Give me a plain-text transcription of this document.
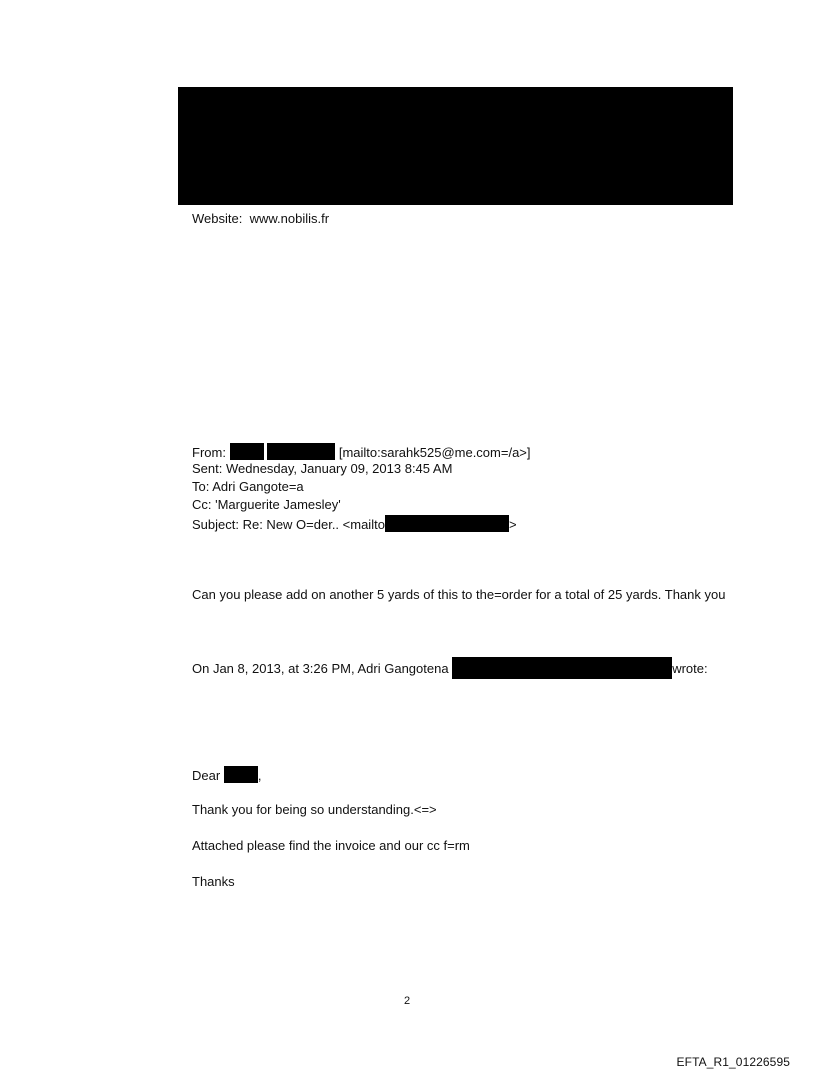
Website: www.nobilis.fr
From:	[mailto:sarahk525@me.com=/a>]
Sent: Wednesday, January 09, 2013 8:45 AM
To: Adri Gangote=a
Cc: 'Marguerite Jamesley'
Subject: Re: New O=der.. <mailto	>
Can you please add on another 5 yards of this to the=order for a total of 25 yards. Thank you
On Jan 8, 2013, at 3:26 PM, Adri Gangotena	wrote:
Dear	,
Thank you for being so understanding.<=>
Attached please find the invoice and our cc f=rm
Thanks
2
EFTA_R1_01226595
